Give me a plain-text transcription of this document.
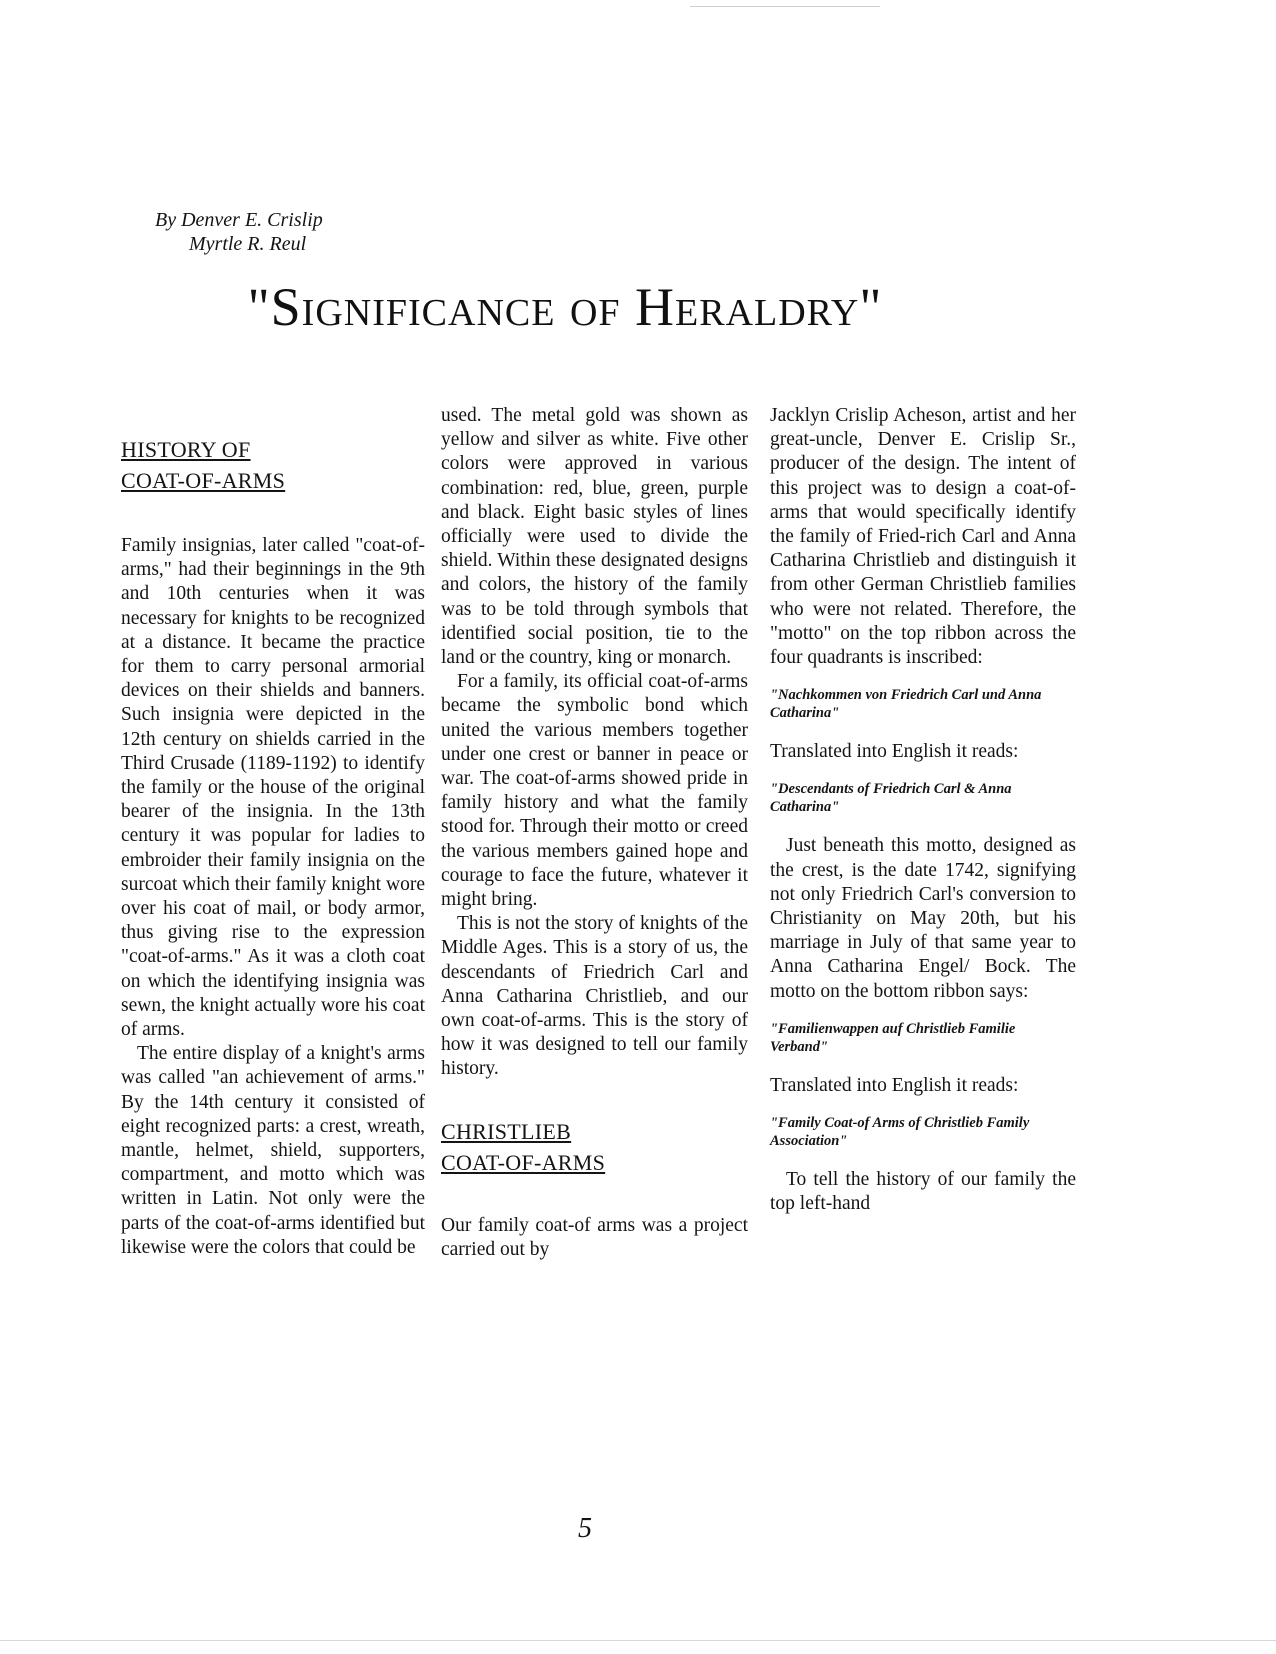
By Denver E. Crislip
Myrtle R. Reul
"Significance of Heraldry"
HISTORY OF
COAT-OF-ARMS

Family insignias, later called "coat-of-arms," had their beginnings in the 9th and 10th centuries when it was necessary for knights to be recognized at a distance. It became the practice for them to carry personal armorial devices on their shields and banners. Such insignia were depicted in the 12th century on shields carried in the Third Crusade (1189-1192) to identify the family or the house of the original bearer of the insignia. In the 13th century it was popular for ladies to embroider their family insignia on the surcoat which their family knight wore over his coat of mail, or body armor, thus giving rise to the expression "coat-of-arms." As it was a cloth coat on which the identifying insignia was sewn, the knight actually wore his coat of arms.

The entire display of a knight's arms was called "an achievement of arms." By the 14th century it consisted of eight recognized parts: a crest, wreath, mantle, helmet, shield, supporters, compartment, and motto which was written in Latin. Not only were the parts of the coat-of-arms identified but likewise were the colors that could be

used. The metal gold was shown as yellow and silver as white. Five other colors were approved in various combination: red, blue, green, purple and black. Eight basic styles of lines officially were used to divide the shield. Within these designated designs and colors, the history of the family was to be told through symbols that identified social position, tie to the land or the country, king or monarch.

For a family, its official coat-of-arms became the symbolic bond which united the various members together under one crest or banner in peace or war. The coat-of-arms showed pride in family history and what the family stood for. Through their motto or creed the various members gained hope and courage to face the future, whatever it might bring.

This is not the story of knights of the Middle Ages. This is a story of us, the descendants of Friedrich Carl and Anna Catharina Christlieb, and our own coat-of-arms. This is the story of how it was designed to tell our family history.

CHRISTLIEB
COAT-OF-ARMS

Our family coat-of arms was a project carried out by

Jacklyn Crislip Acheson, artist and her great-uncle, Denver E. Crislip Sr., producer of the design. The intent of this project was to design a coat-of-arms that would specifically identify the family of Fried-rich Carl and Anna Catharina Christlieb and distinguish it from other German Christlieb families who were not related. Therefore, the "motto" on the top ribbon across the four quadrants is inscribed:

"Nachkommen von Friedrich Carl und Anna Catharina"

Translated into English it reads:

"Descendants of Friedrich Carl & Anna Catharina"

Just beneath this motto, designed as the crest, is the date 1742, signifying not only Friedrich Carl's conversion to Christianity on May 20th, but his marriage in July of that same year to Anna Catharina Engel/ Bock. The motto on the bottom ribbon says:

"Familienwappen auf Christlieb Familie Verband"

Translated into English it reads:

"Family Coat-of Arms of Christlieb Family Association"

To tell the history of our family the top left-hand

5
